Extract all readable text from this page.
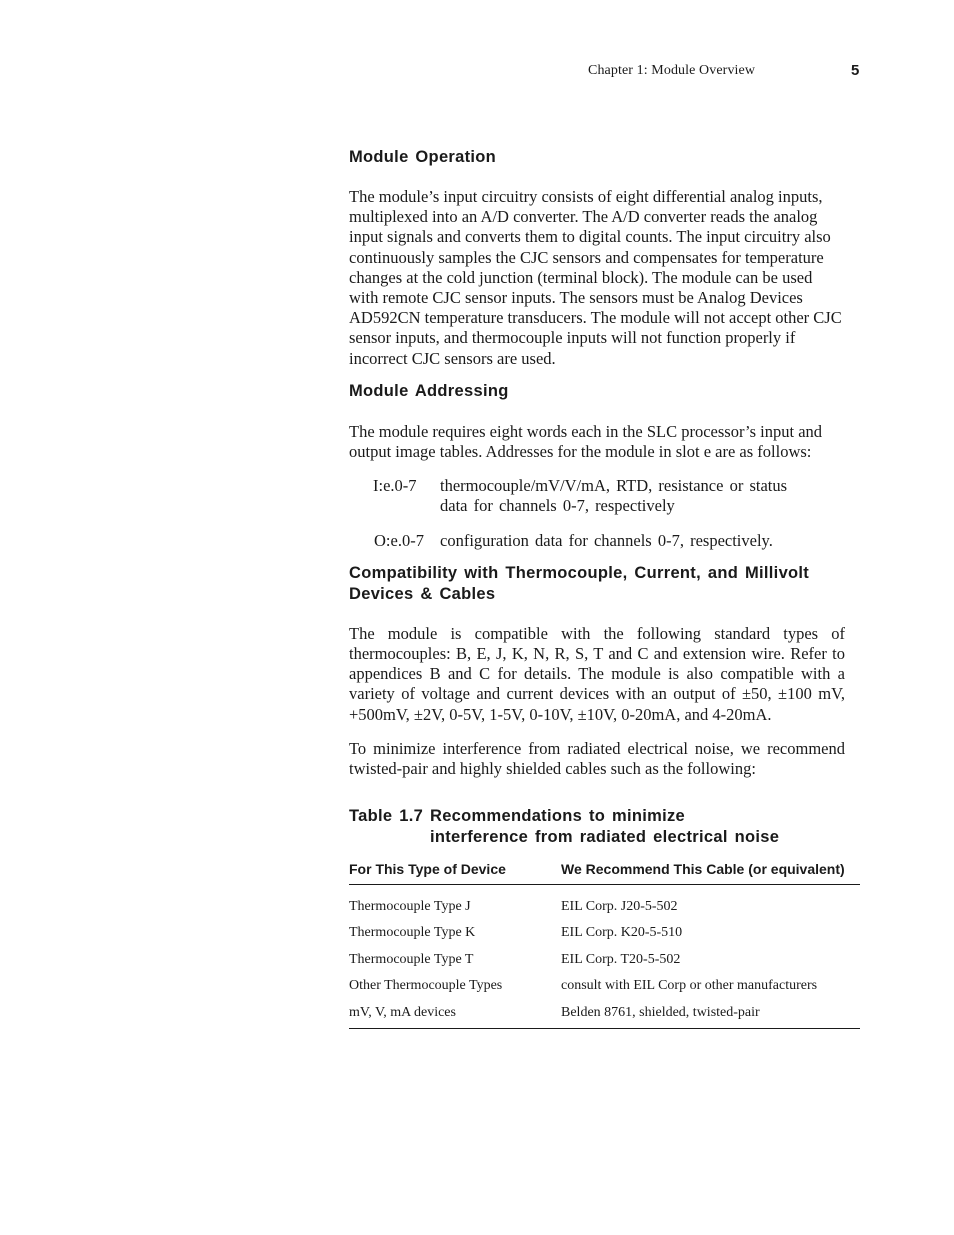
Chapter 1: Module Overview	5
Module Operation

The module’s input circuitry consists of eight differential analog inputs, multiplexed into an A/D converter. The A/D converter reads the analog input signals and converts them to digital counts. The input circuitry also continuously samples the CJC sensors and compensates for temperature changes at the cold junction (terminal block). The module can be used with remote CJC sensor inputs. The sensors must be Analog Devices AD592CN temperature transducers. The module will not accept other CJC sensor inputs, and thermocouple inputs will not function properly if incorrect CJC sensors are used.

Module Addressing

The module requires eight words each in the SLC processor’s input and output image tables. Addresses for the module in slot e are as follows:

I:e.0-7	thermocouple/mV/V/mA, RTD, resistance or status data for channels 0-7, respectively
O:e.0-7 configuration data for channels 0-7, respectively.
Compatibility with Thermocouple, Current, and Millivolt Devices & Cables

The module is compatible with the following standard types of thermocouples: B, E, J, K, N, R, S, T and C and extension wire. Refer to appendices B and C for details. The module is also compatible with a variety of voltage and current devices with an output of ±50, ±100 mV, +500mV, ±2V, 0-5V, 1-5V, 0-10V, ±10V, 0-20mA, and 4-20mA.

To minimize interference from radiated electrical noise, we recommend twisted-pair and highly shielded cables such as the following:

Table 1.7 Recommendations to minimize
interference from radiated electrical noise
For This Type of Device	We Recommend This Cable (or equivalent)
Thermocouple Type J	EIL Corp. J20-5-502
Thermocouple Type K	EIL Corp. K20-5-510
Thermocouple Type T	EIL Corp. T20-5-502
Other Thermocouple Types	consult with EIL Corp or other manufacturers
mV, V, mA devices	Belden 8761, shielded, twisted-pair
